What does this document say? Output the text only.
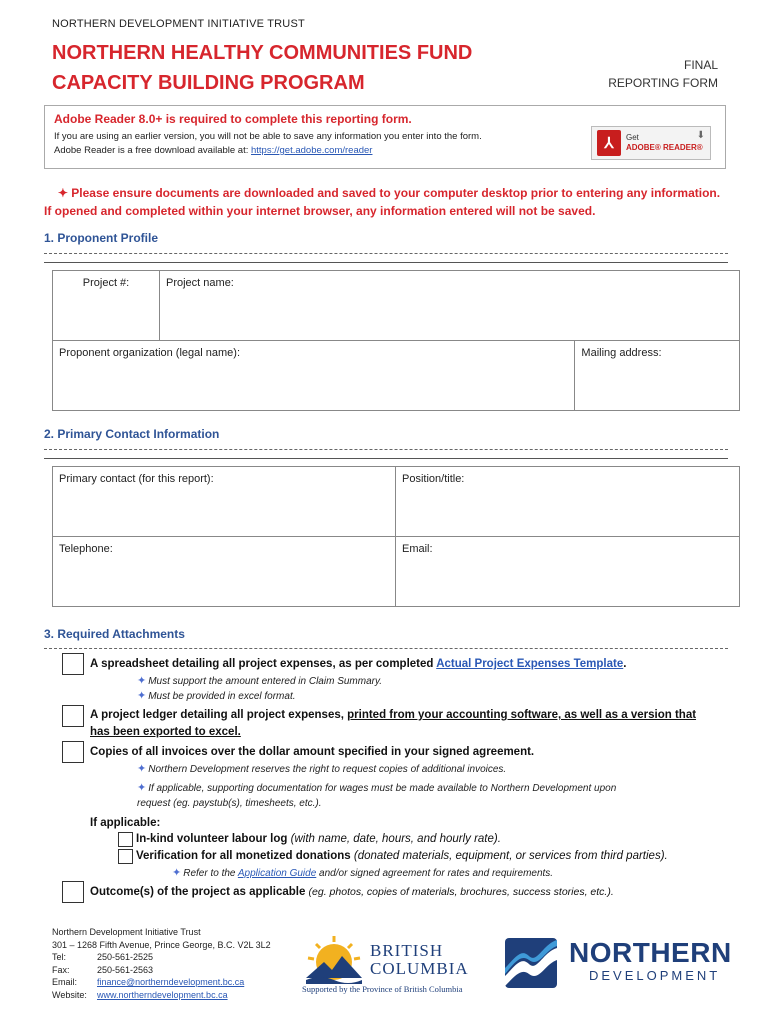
NORTHERN DEVELOPMENT INITIATIVE TRUST
NORTHERN HEALTHY COMMUNITIES FUND
CAPACITY BUILDING PROGRAM
FINAL
REPORTING FORM
Adobe Reader 8.0+ is required to complete this reporting form.
If you are using an earlier version, you will not be able to save any information you enter into the form.
Adobe Reader is a free download available at: https://get.adobe.com/reader	⅄	Get
ADOBE® READER®
⬇
✦ Please ensure documents are downloaded and saved to your computer desktop prior to entering any information.
If opened and completed within your internet browser, any information entered will not be saved.
1. Proponent Profile
Project #:	Project name:	
Proponent organization (legal name):		Mailing address:
2. Primary Contact Information
Primary contact (for this report):	Position/title:
Telephone:	Email:
3. Required Attachments
A spreadsheet detailing all project expenses, as per completed Actual Project Expenses Template.
✦ Must support the amount entered in Claim Summary.
✦ Must be provided in excel format.
A project ledger detailing all project expenses, printed from your accounting software, as well as a version that
has been exported to excel.
Copies of all invoices over the dollar amount specified in your signed agreement.
✦ Northern Development reserves the right to request copies of additional invoices.
✦ If applicable, supporting documentation for wages must be made available to Northern Development upon
request (eg. paystub(s), timesheets, etc.).
If applicable:
In-kind volunteer labour log (with name, date, hours, and hourly rate).
Verification for all monetized donations (donated materials, equipment, or services from third parties).
✦ Refer to the Application Guide and/or signed agreement for rates and requirements.
Outcome(s) of the project as applicable (eg. photos, copies of materials, brochures, success stories, etc.).
Northern Development Initiative Trust
301 – 1268 Fifth Avenue, Prince George, B.C. V2L 3L2
Tel:	250-561-2525
Fax:	250-561-2563
Email:	finance@northerndevelopment.bc.ca
Website:	www.northerndevelopment.bc.ca
BRITISH
COLUMBIA
Supported by the Province of British Columbia
NORTHERN
DEVELOPMENT
